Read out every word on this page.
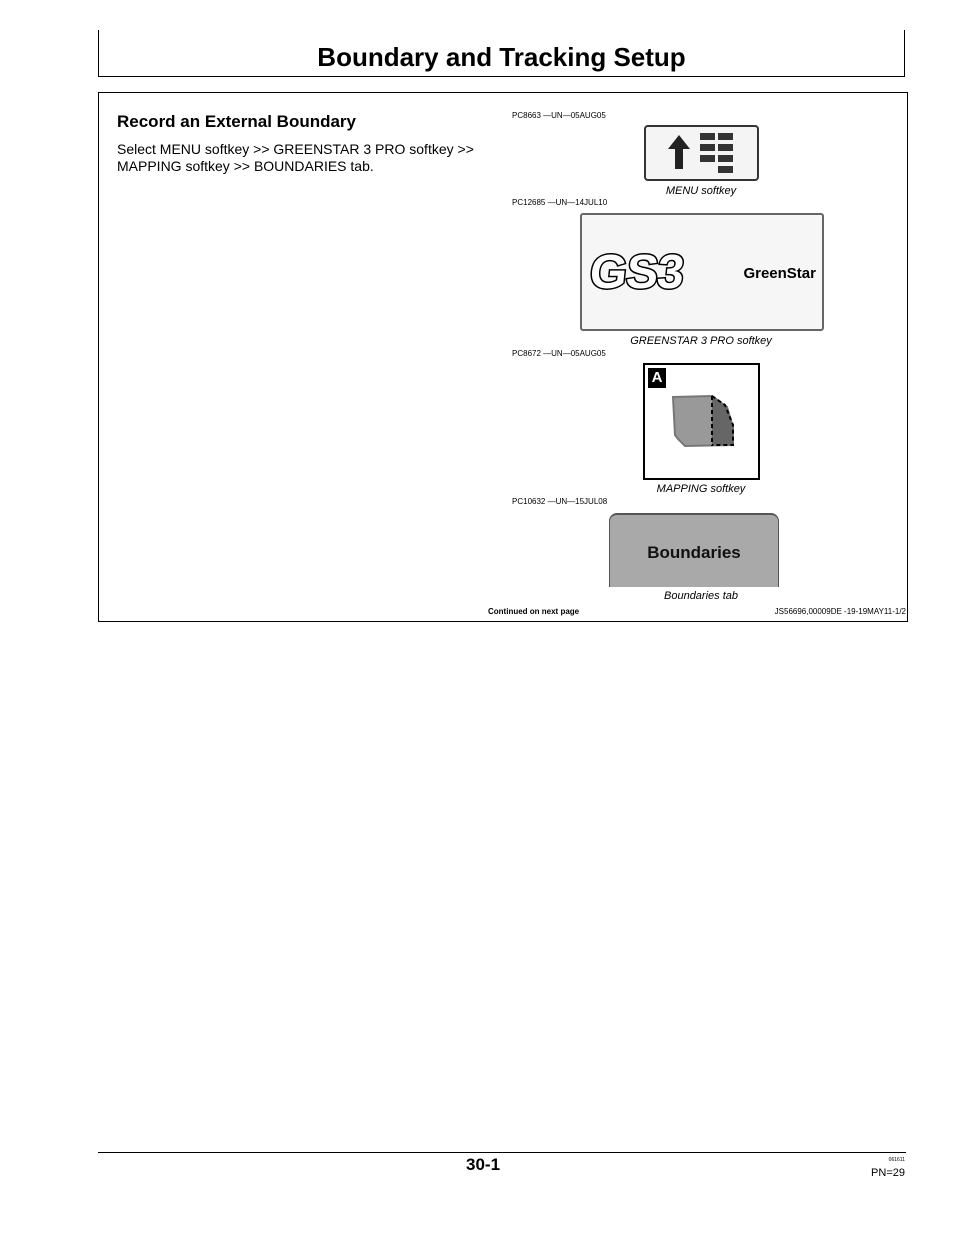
Boundary and Tracking Setup
Record an External Boundary

Select MENU softkey >> GREENSTAR 3 PRO softkey >> MAPPING softkey >> BOUNDARIES tab.

PC8663 —UN—05AUG05
MENU softkey
PC12685 —UN—14JUL10
GS3	GreenStar
GREENSTAR 3 PRO softkey
PC8672 —UN—05AUG05
A
MAPPING softkey
PC10632 —UN—15JUL08
Boundaries
Boundaries tab
Continued on next page	JS56696,00009DE -19-19MAY11-1/2
30-1	061611
PN=29
